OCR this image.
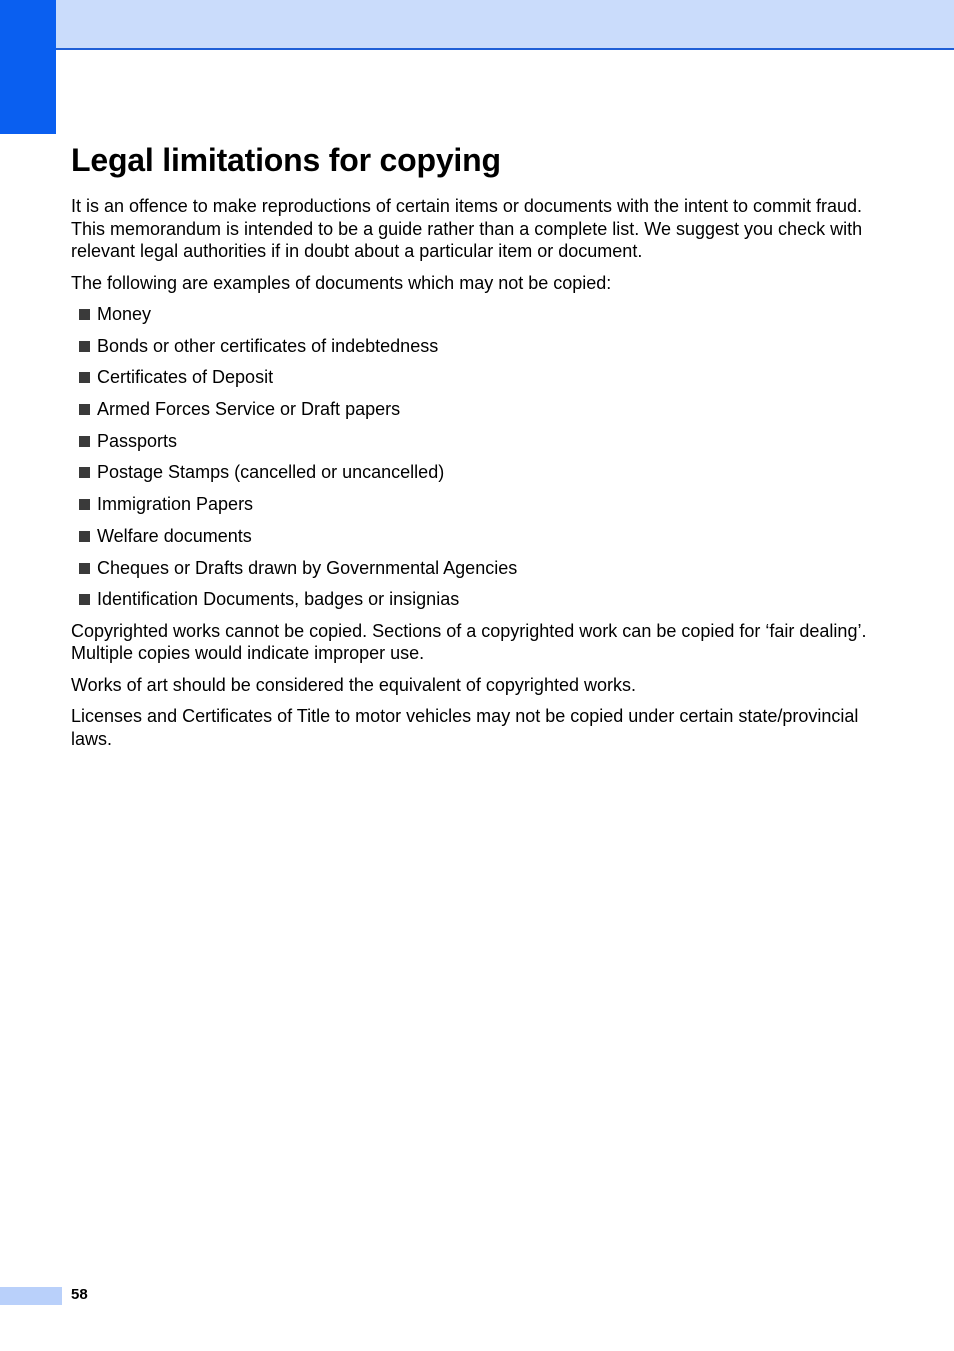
Legal limitations for copying

It is an offence to make reproductions of certain items or documents with the intent to commit fraud. This memorandum is intended to be a guide rather than a complete list. We suggest you check with relevant legal authorities if in doubt about a particular item or document.

The following are examples of documents which may not be copied:

Money
Bonds or other certificates of indebtedness
Certificates of Deposit
Armed Forces Service or Draft papers
Passports
Postage Stamps (cancelled or uncancelled)
Immigration Papers
Welfare documents
Cheques or Drafts drawn by Governmental Agencies
Identification Documents, badges or insignias

Copyrighted works cannot be copied. Sections of a copyrighted work can be copied for ‘fair dealing’. Multiple copies would indicate improper use.

Works of art should be considered the equivalent of copyrighted works.

Licenses and Certificates of Title to motor vehicles may not be copied under certain state/provincial laws.

58
